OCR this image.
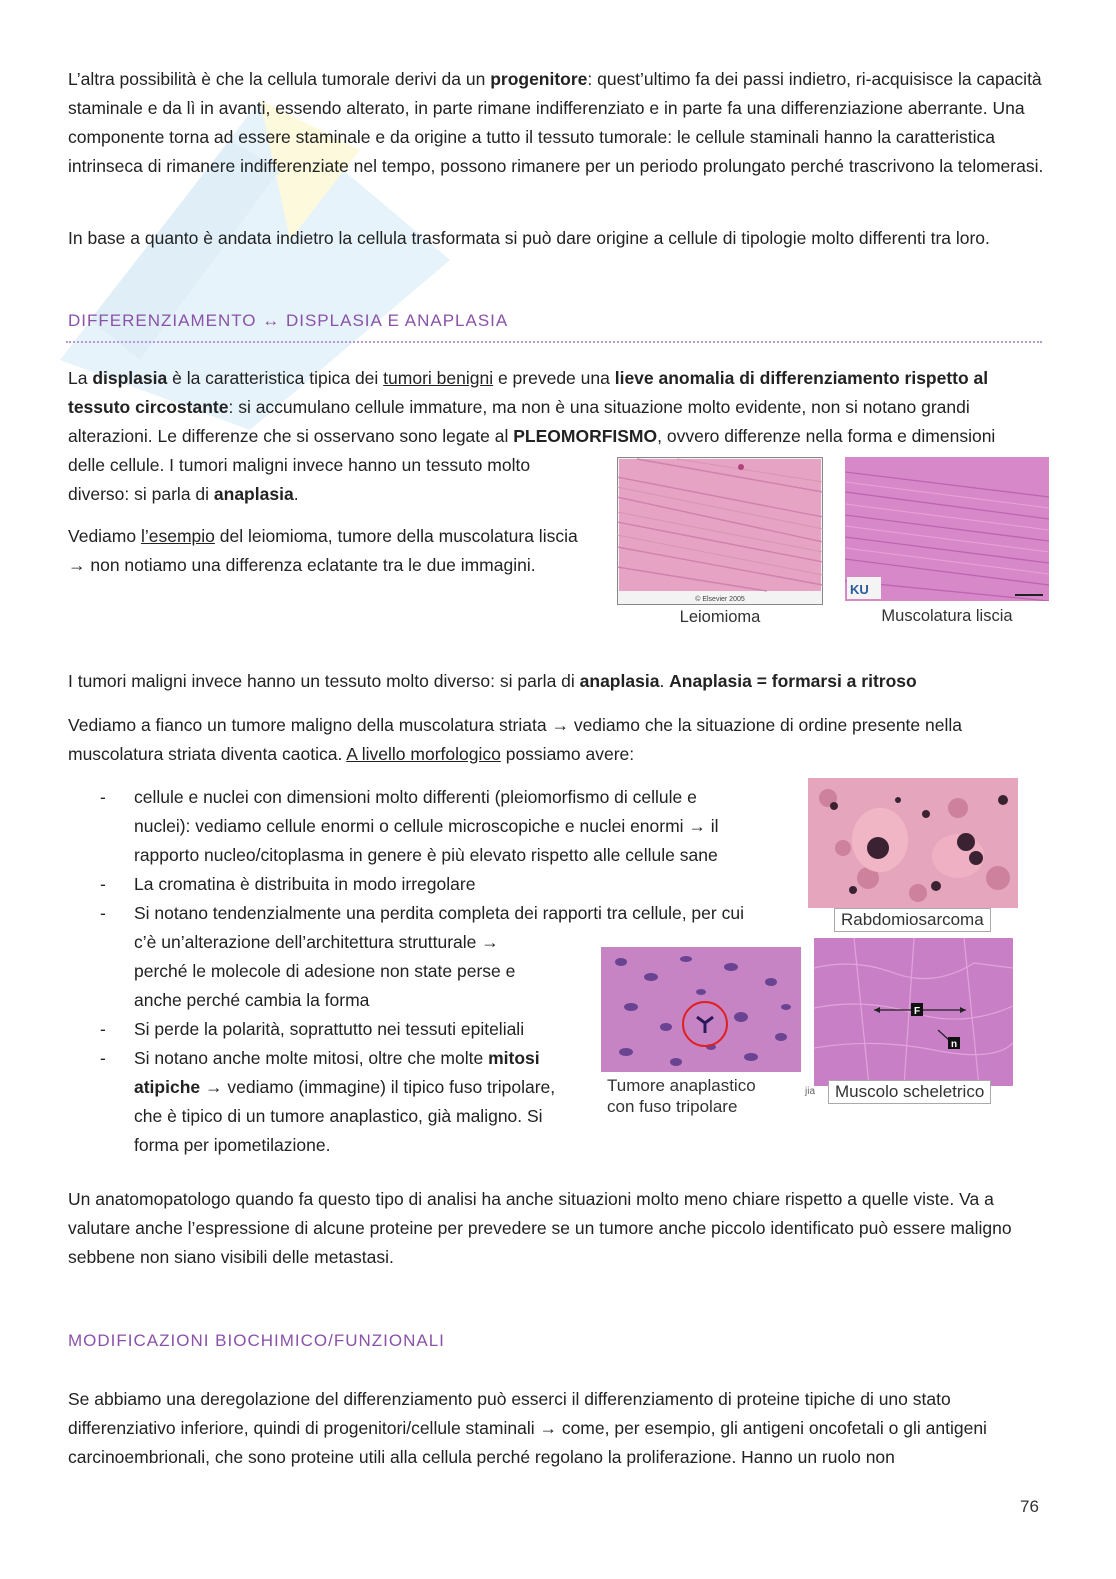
L’altra possibilità è che la cellula tumorale derivi da un progenitore: quest’ultimo fa dei passi indietro, ri-acquisisce la capacità staminale e da lì in avanti, essendo alterato, in parte rimane indifferenziato e in parte fa una differenziazione aberrante. Una componente torna ad essere staminale e da origine a tutto il tessuto tumorale: le cellule staminali hanno la caratteristica intrinseca di rimanere indifferenziate nel tempo, possono rimanere per un periodo prolungato perché trascrivono la telomerasi.

In base a quanto è andata indietro la cellula trasformata si può dare origine a cellule di tipologie molto differenti tra loro.

DIFFERENZIAMENTO ↔ DISPLASIA E ANAPLASIA

La displasia è la caratteristica tipica dei tumori benigni e prevede una lieve anomalia di differenziamento rispetto al tessuto circostante: si accumulano cellule immature, ma non è una situazione molto evidente, non si notano grandi alterazioni. Le differenze che si osservano sono legate al PLEOMORFISMO, ovvero differenze nella forma e dimensioni

delle cellule. I tumori maligni invece hanno un tessuto molto diverso: si parla di anaplasia.

Vediamo l’esempio del leiomioma, tumore della muscolatura liscia → non notiamo una differenza eclatante tra le due immagini.

© Elsevier 2005
KU
Leiomioma	Muscolatura liscia

I tumori maligni invece hanno un tessuto molto diverso: si parla di anaplasia. Anaplasia = formarsi a ritroso

Vediamo a fianco un tumore maligno della muscolatura striata → vediamo che la situazione di ordine presente nella muscolatura striata diventa caotica. A livello morfologico possiamo avere:

- cellule e nuclei con dimensioni molto differenti (pleiomorfismo di cellule e
nuclei): vediamo cellule enormi o cellule microscopiche e nuclei enormi → il
rapporto nucleo/citoplasma in genere è più elevato rispetto alle cellule sane
- La cromatina è distribuita in modo irregolare
- Si notano tendenzialmente una perdita completa dei rapporti tra cellule, per cui
c’è un’alterazione dell’architettura strutturale →
perché le molecole di adesione non state perse e
anche perché cambia la forma
- Si perde la polarità, soprattutto nei tessuti epiteliali
- Si notano anche molte mitosi, oltre che molte mitosi
atipiche → vediamo (immagine) il tipico fuso tripolare,
che è tipico di un tumore anaplastico, già maligno. Si
forma per ipometilazione.
Rabdomiosarcoma
Tumore anaplastico
con fuso tripolare
F
n
jia	Muscolo scheletrico

Un anatomopatologo quando fa questo tipo di analisi ha anche situazioni molto meno chiare rispetto a quelle viste. Va a valutare anche l’espressione di alcune proteine per prevedere se un tumore anche piccolo identificato può essere maligno sebbene non siano visibili delle metastasi.

MODIFICAZIONI BIOCHIMICO/FUNZIONALI

Se abbiamo una deregolazione del differenziamento può esserci il differenziamento di proteine tipiche di uno stato differenziativo inferiore, quindi di progenitori/cellule staminali → come, per esempio, gli antigeni oncofetali o gli antigeni carcinoembrionali, che sono proteine utili alla cellula perché regolano la proliferazione. Hanno un ruolo non

76
